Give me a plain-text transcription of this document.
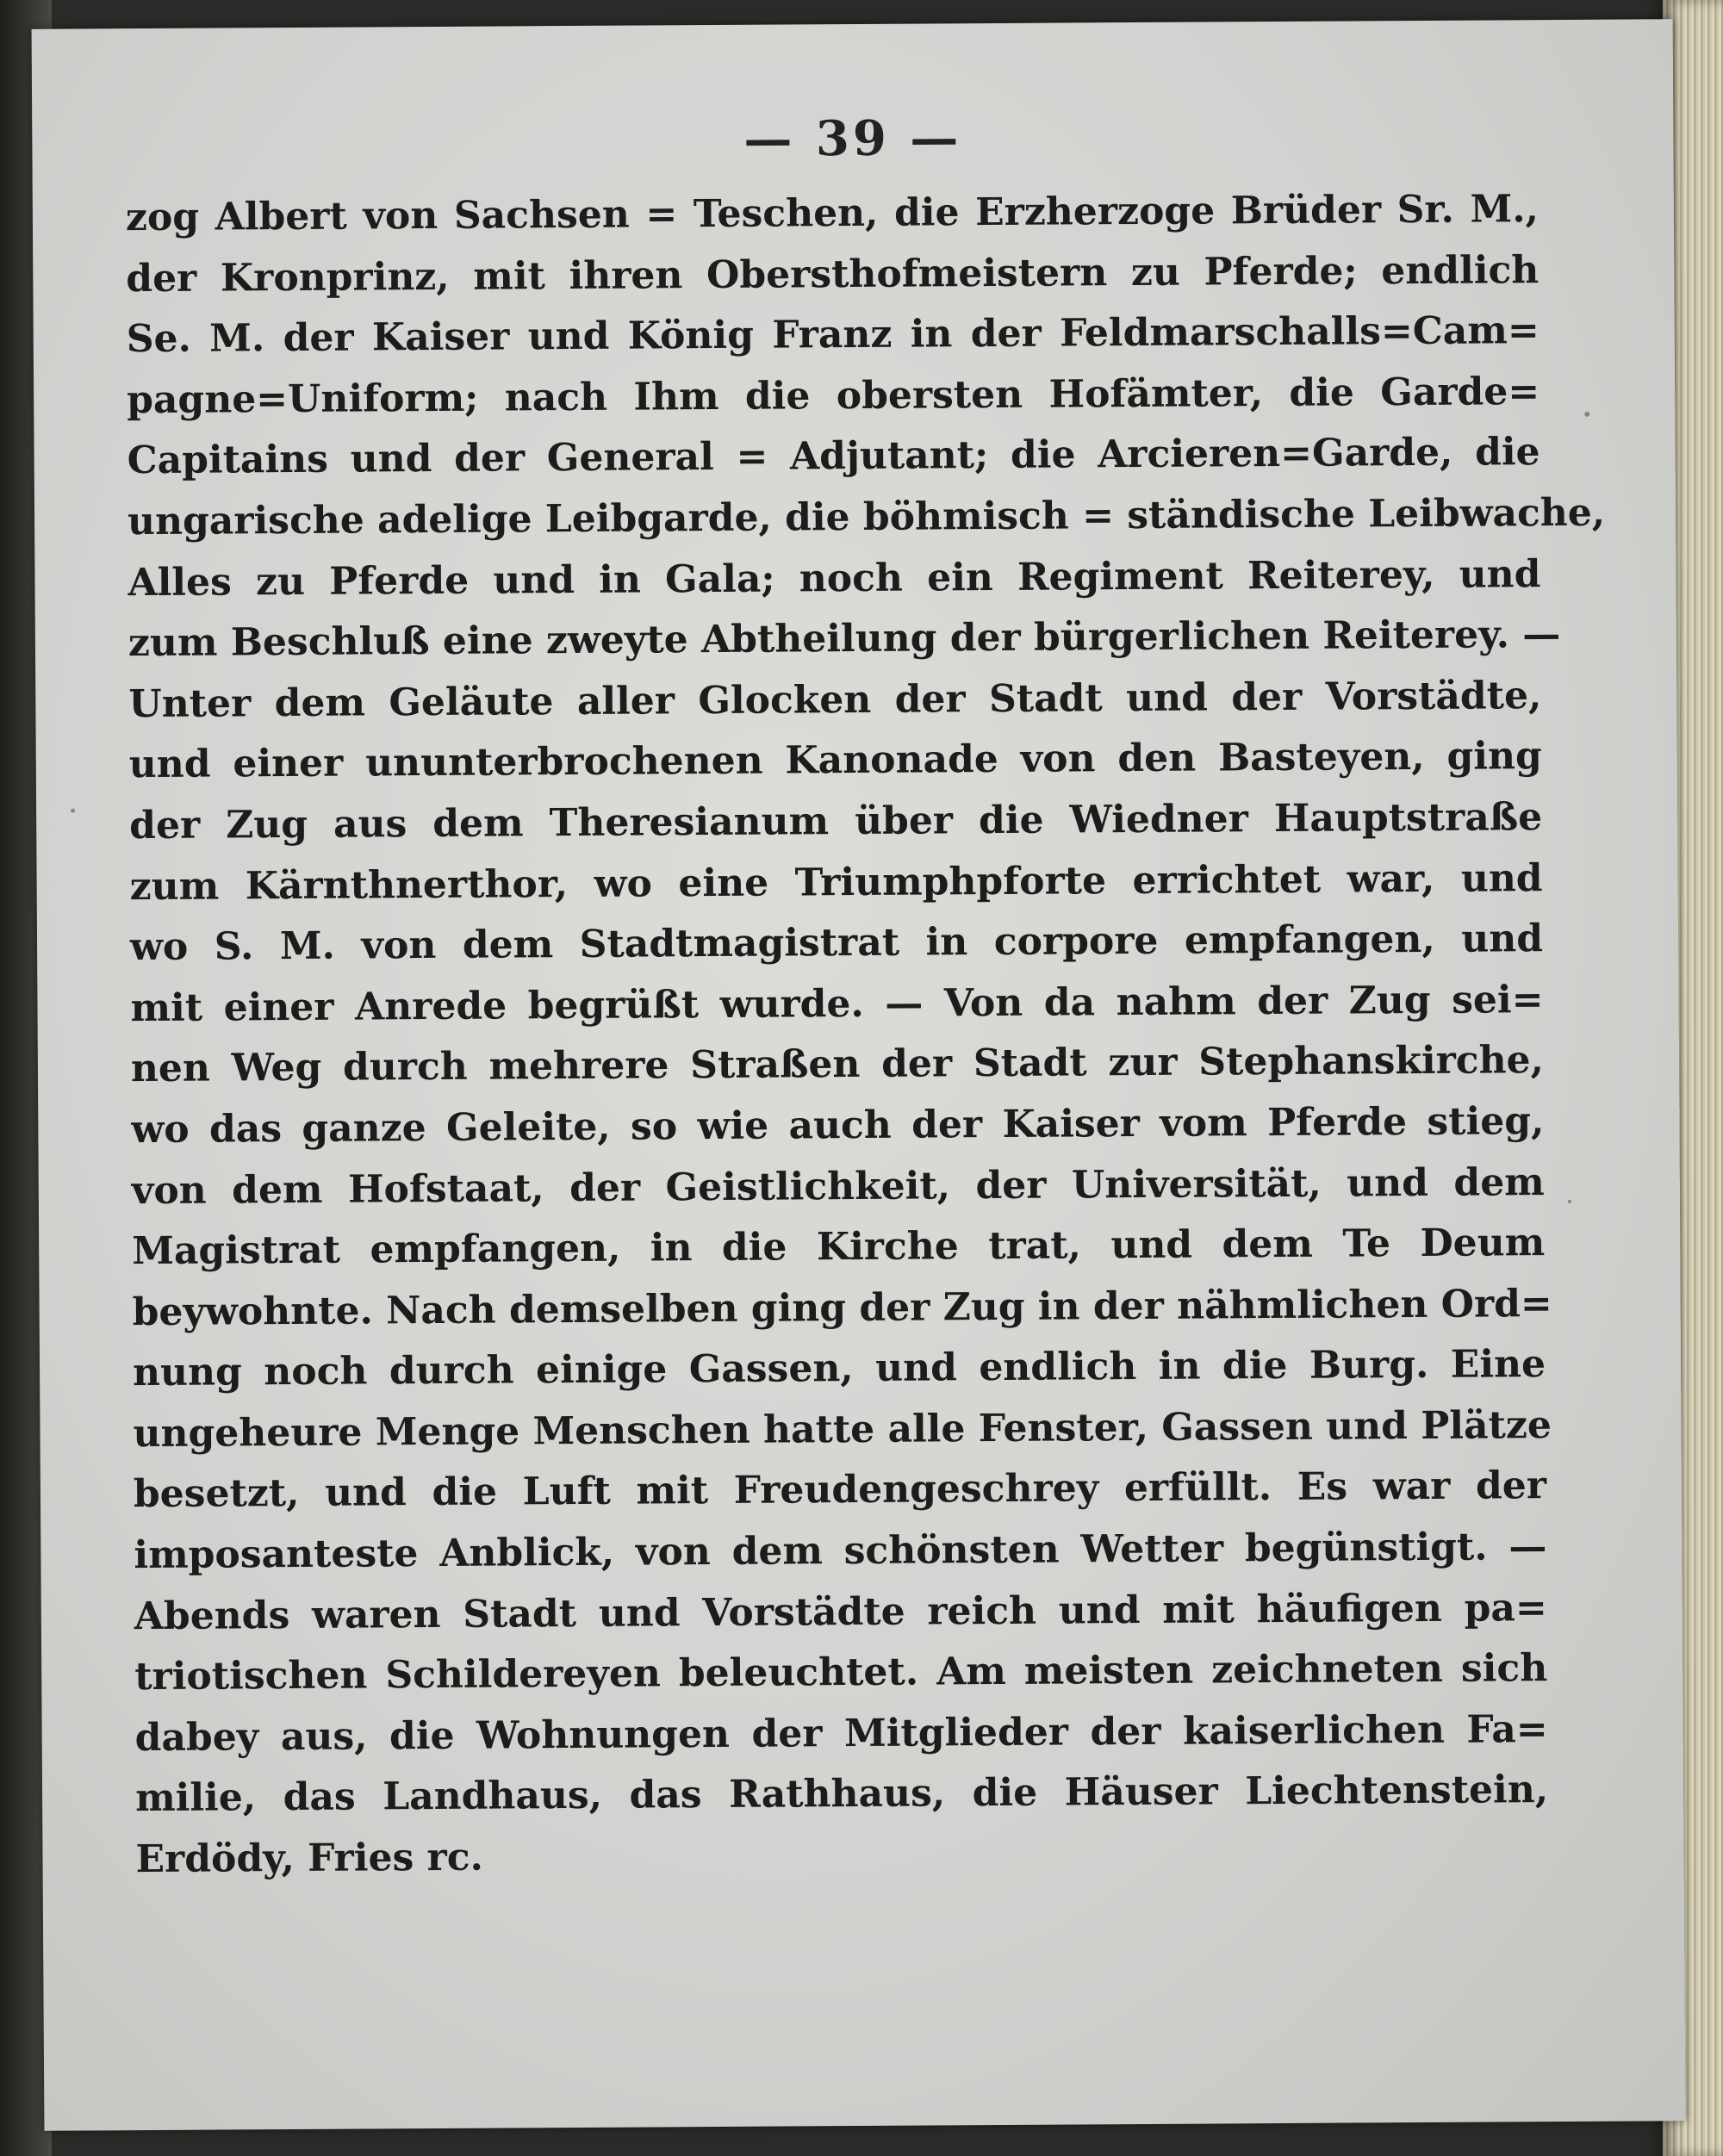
— 39 —
zog Albert von Sachsen = Teschen, die Erzherzoge Brüder Sr. M.,
der Kronprinz, mit ihren Obersthofmeistern zu Pferde; endlich
Se. M. der Kaiser und König Franz in der Feldmarschalls=Cam=
pagne=Uniform; nach Ihm die obersten Hofämter, die Garde=
Capitains und der General = Adjutant; die Arcieren=Garde, die
ungarische adelige Leibgarde, die böhmisch = ständische Leibwache,
Alles zu Pferde und in Gala; noch ein Regiment Reiterey, und
zum Beschluß eine zweyte Abtheilung der bürgerlichen Reiterey. —
Unter dem Geläute aller Glocken der Stadt und der Vorstädte,
und einer ununterbrochenen Kanonade von den Basteyen, ging
der Zug aus dem Theresianum über die Wiedner Hauptstraße
zum Kärnthnerthor, wo eine Triumphpforte errichtet war, und
wo S. M. von dem Stadtmagistrat in corpore empfangen, und
mit einer Anrede begrüßt wurde. — Von da nahm der Zug sei=
nen Weg durch mehrere Straßen der Stadt zur Stephanskirche,
wo das ganze Geleite, so wie auch der Kaiser vom Pferde stieg,
von dem Hofstaat, der Geistlichkeit, der Universität, und dem
Magistrat empfangen, in die Kirche trat, und dem Te Deum
beywohnte. Nach demselben ging der Zug in der nähmlichen Ord=
nung noch durch einige Gassen, und endlich in die Burg. Eine
ungeheure Menge Menschen hatte alle Fenster, Gassen und Plätze
besetzt, und die Luft mit Freudengeschrey erfüllt. Es war der
imposanteste Anblick, von dem schönsten Wetter begünstigt. —
Abends waren Stadt und Vorstädte reich und mit häufigen pa=
triotischen Schildereyen beleuchtet. Am meisten zeichneten sich
dabey aus, die Wohnungen der Mitglieder der kaiserlichen Fa=
milie, das Landhaus, das Rathhaus, die Häuser Liechtenstein,
Erdödy, Fries rc.
